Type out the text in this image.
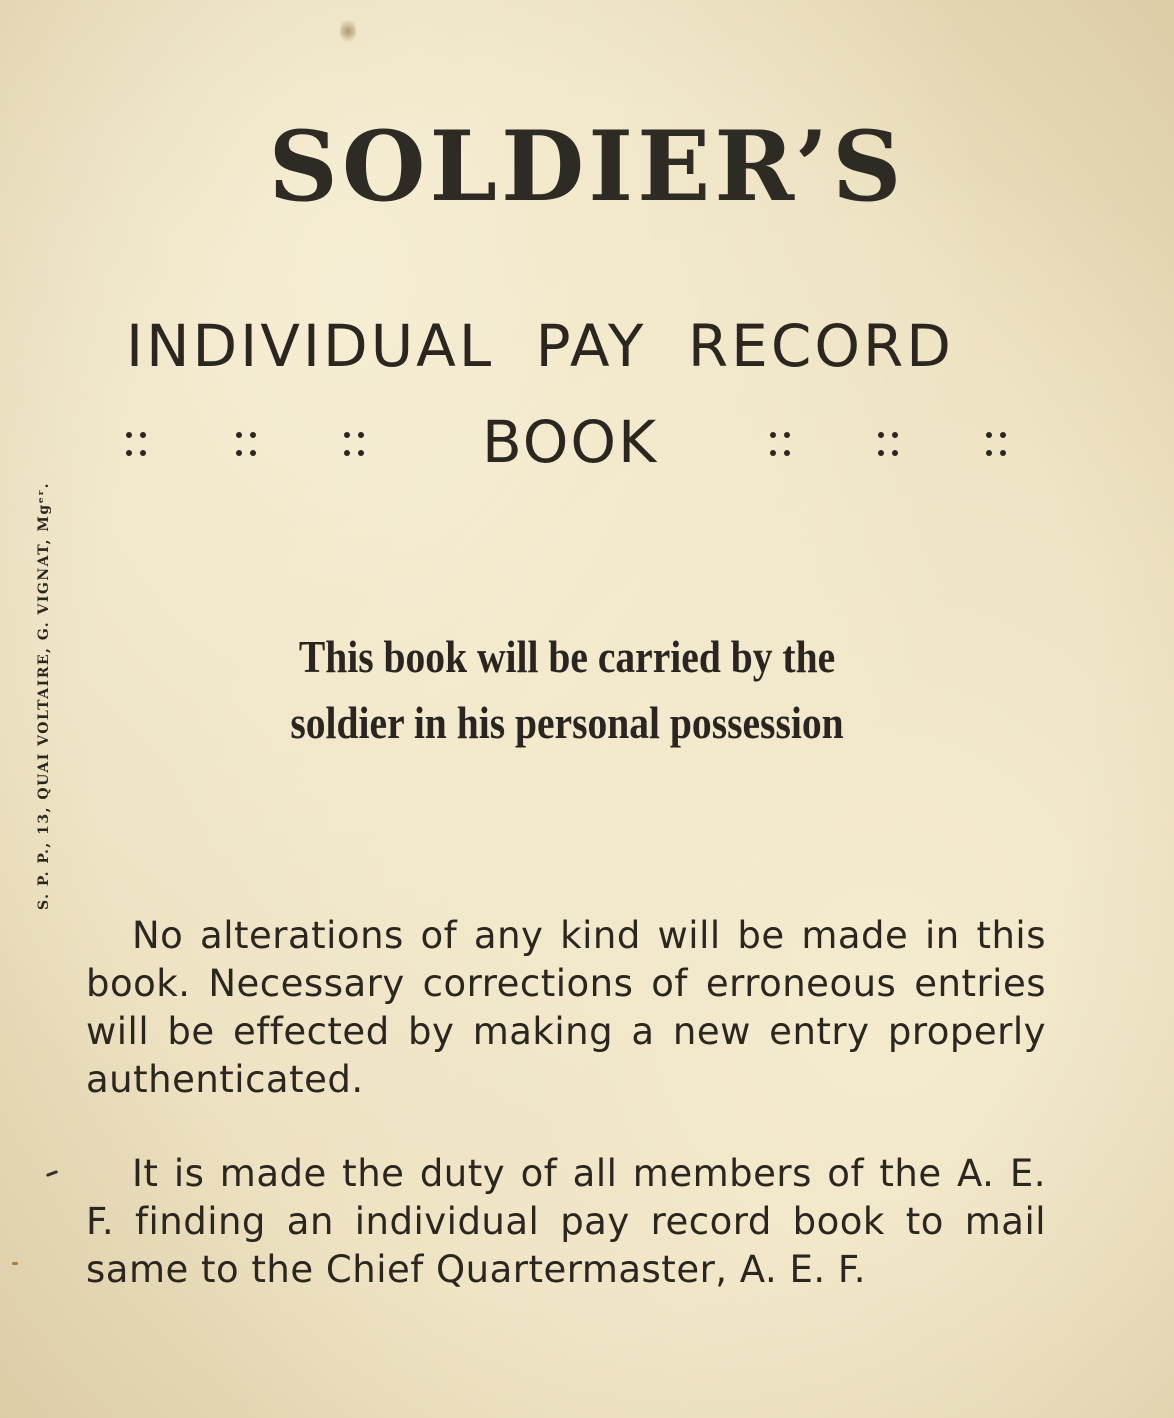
SOLDIER’S
INDIVIDUAL PAY RECORD
BOOK
This book will be carried by the
soldier in his personal possession
No alterations of any kind will be made in this book. Necessary corrections of erroneous entries will be effected by making a new entry properly authenticated.
It is made the duty of all members of the A. E. F. finding an individual pay record book to mail same to the Chief Quartermaster, A. E. F.
S. P. P., 13, QUAI VOLTAIRE, G. VIGNAT, Mgᵉʳ.
